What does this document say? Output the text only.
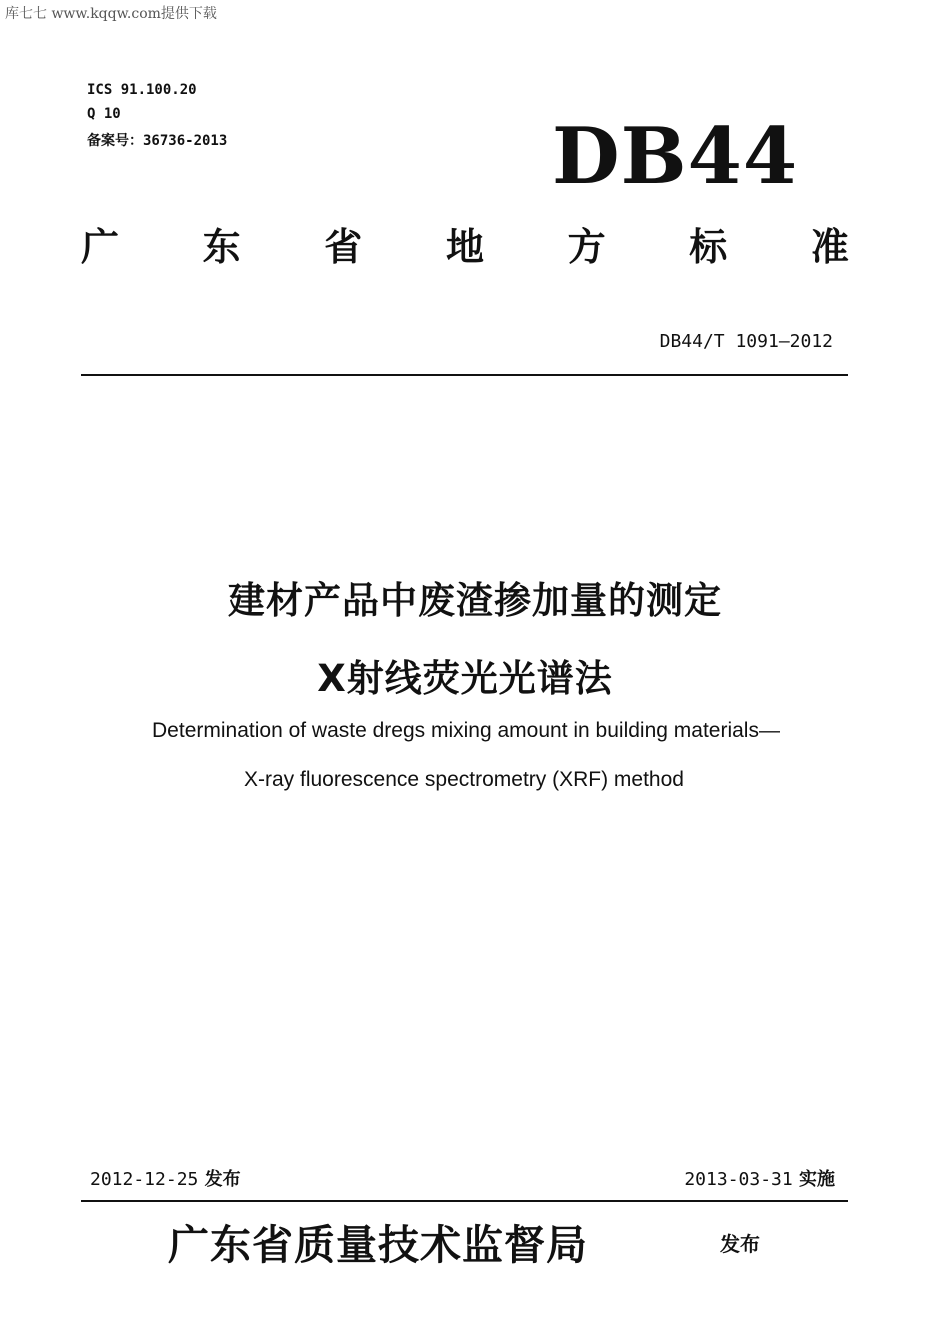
库七七 www.kqqw.com提供下载
ICS 91.100.20
Q 10
备案号：36736-2013	DB44
广 东 省 地 方 标 准
DB44/T 1091—2012
建材产品中废渣掺加量的测定
X射线荧光光谱法
Determination of waste dregs mixing amount in building materials—
X-ray fluorescence spectrometry (XRF) method
2012-12-25 发布	2013-03-31 实施
广东省质量技术监督局	发布
